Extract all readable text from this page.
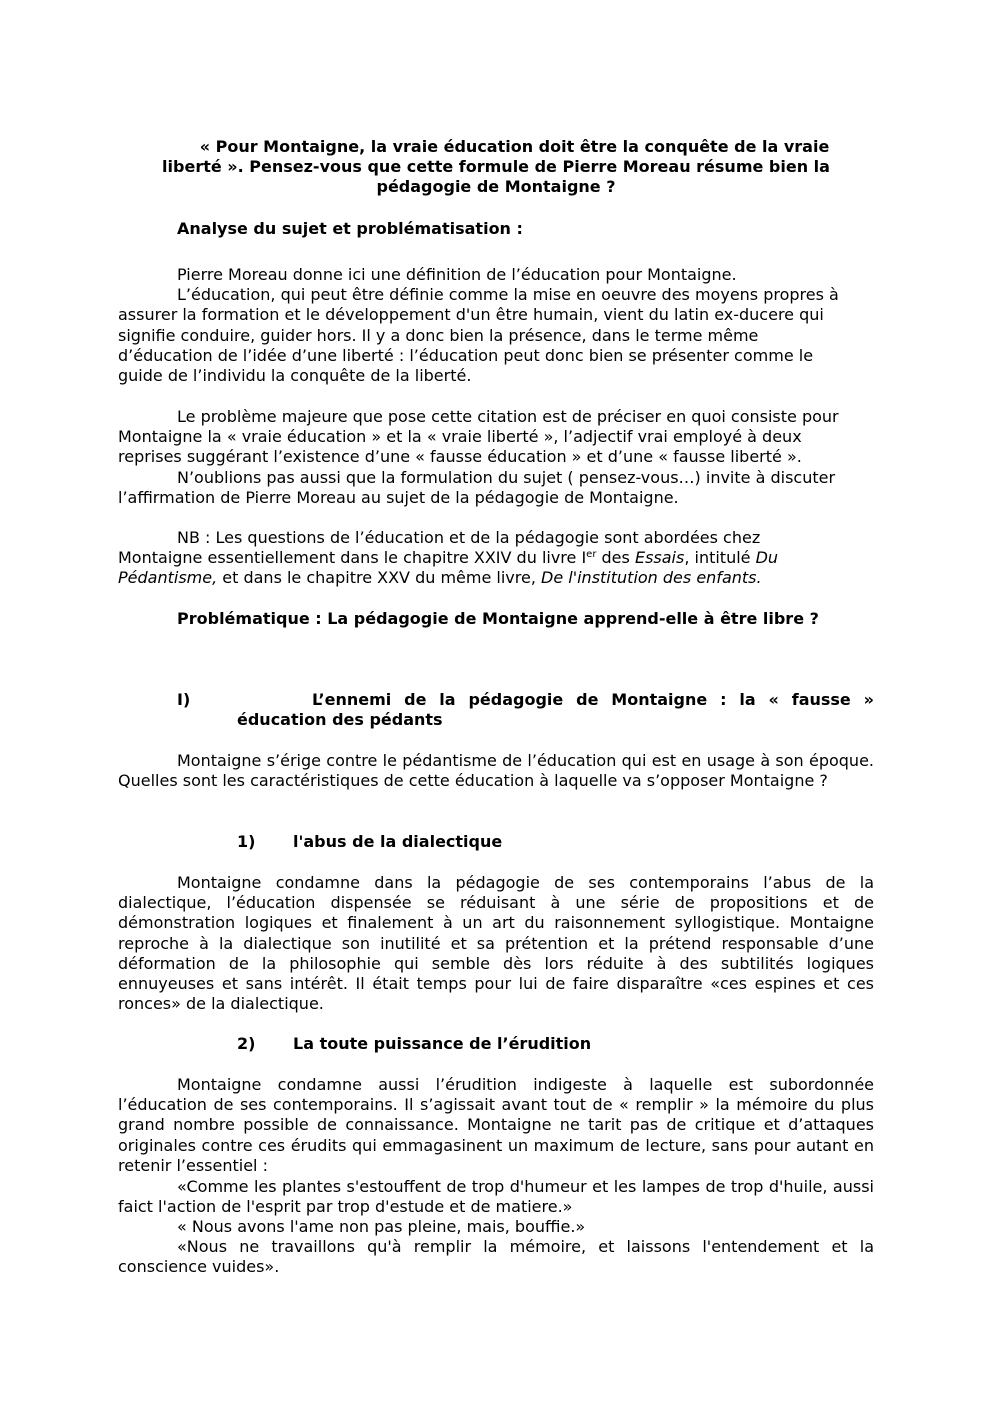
« Pour Montaigne, la vraie éducation doit être la conquête de la vraie
liberté ». Pensez-vous que cette formule de Pierre Moreau résume bien la
pédagogie de Montaigne ?

Analyse du sujet et problématisation :

Pierre Moreau donne ici une définition de l’éducation pour Montaigne.
L’éducation, qui peut être définie comme la mise en oeuvre des moyens propres à
assurer la formation et le développement d'un être humain, vient du latin ex-ducere qui
signifie conduire, guider hors. Il y a donc bien la présence, dans le terme même
d’éducation de l’idée d’une liberté : l’éducation peut donc bien se présenter comme le
guide de l’individu la conquête de la liberté.
Le problème majeure que pose cette citation est de préciser en quoi consiste pour
Montaigne la « vraie éducation » et la « vraie liberté », l’adjectif vrai employé à deux
reprises suggérant l’existence d’une « fausse éducation » et d’une « fausse liberté ».
N’oublions pas aussi que la formulation du sujet ( pensez-vous…) invite à discuter
l’affirmation de Pierre Moreau au sujet de la pédagogie de Montaigne.
NB : Les questions de l’éducation et de la pédagogie sont abordées chez
Montaigne essentiellement dans le chapitre XXIV du livre Ier des Essais, intitulé Du
Pédantisme, et dans le chapitre XXV du même livre, De l'institution des enfants.

Problématique : La pédagogie de Montaigne apprend-elle à être libre ?

I)	L’ennemi de la pédagogie de Montaigne : la « fausse »
éducation des pédants

Montaigne s’érige contre le pédantisme de l’éducation qui est en usage à son époque. Quelles sont les caractéristiques de cette éducation à laquelle va s’opposer Montaigne ?

1) l'abus de la dialectique

Montaigne condamne dans la pédagogie de ses contemporains l’abus de la dialectique, l’éducation dispensée se réduisant à une série de propositions et de démonstration logiques et finalement à un art du raisonnement syllogistique. Montaigne reproche à la dialectique son inutilité et sa prétention et la prétend responsable d’une déformation de la philosophie qui semble dès lors réduite à des subtilités logiques ennuyeuses et sans intérêt. Il était temps pour lui de faire disparaître «ces espines et ces ronces» de la dialectique.

2) La toute puissance de l’érudition

Montaigne condamne aussi l’érudition indigeste à laquelle est subordonnée l’éducation de ses contemporains. Il s’agissait avant tout de « remplir » la mémoire du plus grand nombre possible de connaissance. Montaigne ne tarit pas de critique et d’attaques originales contre ces érudits qui emmagasinent un maximum de lecture, sans pour autant en retenir l’essentiel :

«Comme les plantes s'estouffent de trop d'humeur et les lampes de trop d'huile, aussi faict l'action de l'esprit par trop d'estude et de matiere.»

« Nous avons l'ame non pas pleine, mais, bouffie.»

«Nous ne travaillons qu'à remplir la mémoire, et laissons l'entendement et la conscience vuides».
